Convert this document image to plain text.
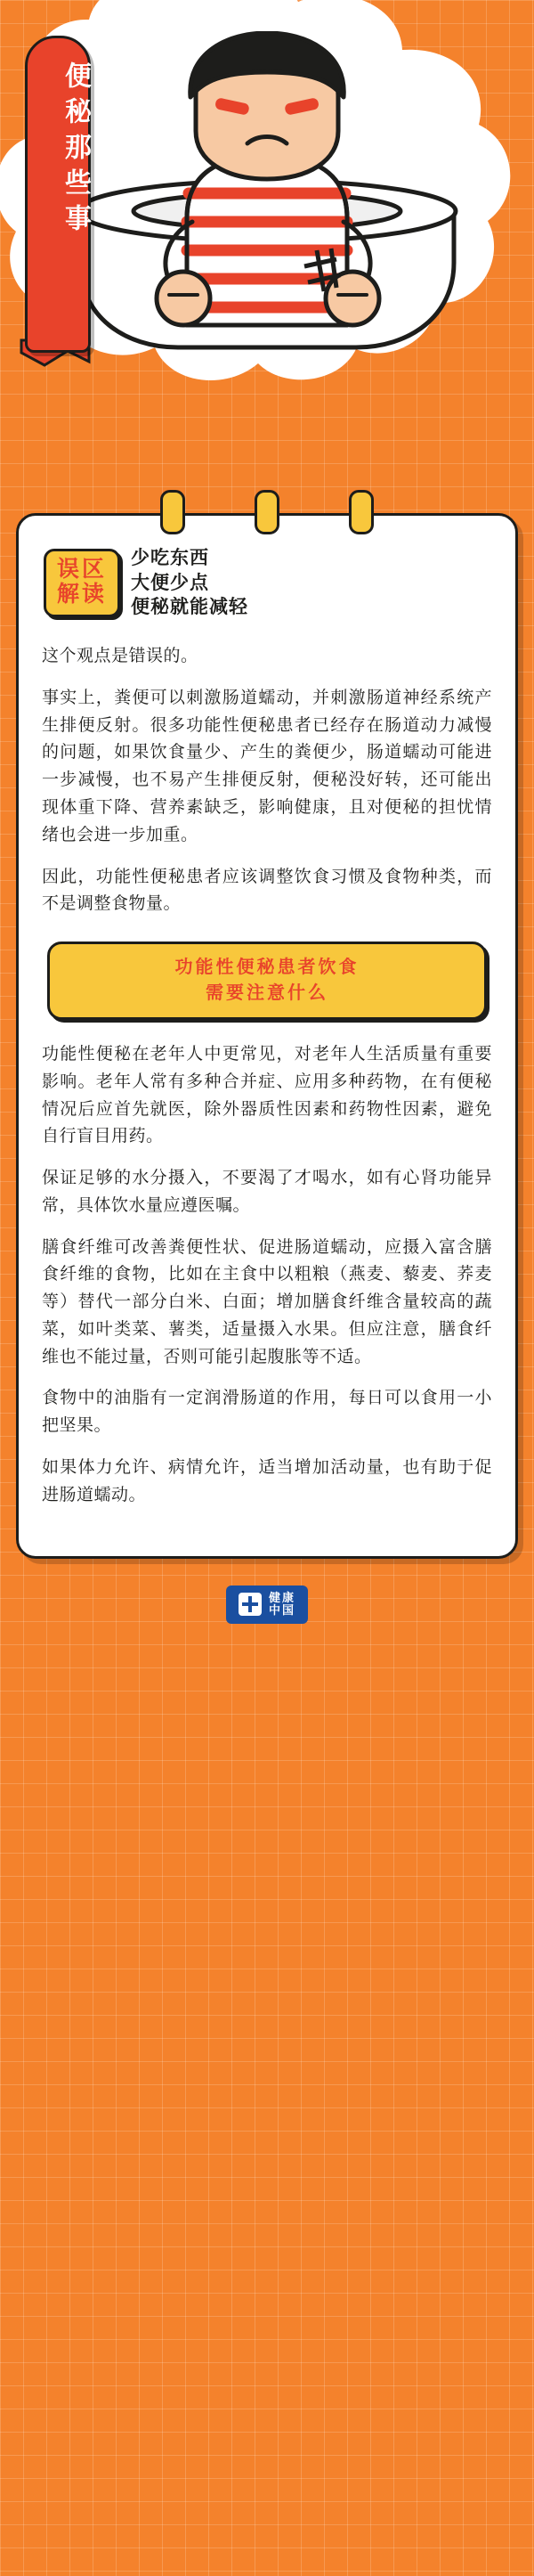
便秘那些事
误区
解读
少吃东西
大便少点
便秘就能减轻

这个观点是错误的。

事实上，粪便可以刺激肠道蠕动，并刺激肠道神经系统产生排便反射。很多功能性便秘患者已经存在肠道动力减慢的问题，如果饮食量少、产生的粪便少，肠道蠕动可能进一步减慢，也不易产生排便反射，便秘没好转，还可能出现体重下降、营养素缺乏，影响健康，且对便秘的担忧情绪也会进一步加重。

因此，功能性便秘患者应该调整饮食习惯及食物种类，而不是调整食物量。

功能性便秘患者饮食
需要注意什么

功能性便秘在老年人中更常见，对老年人生活质量有重要影响。老年人常有多种合并症、应用多种药物，在有便秘情况后应首先就医，除外器质性因素和药物性因素，避免自行盲目用药。

保证足够的水分摄入，不要渴了才喝水，如有心肾功能异常，具体饮水量应遵医嘱。

膳食纤维可改善粪便性状、促进肠道蠕动，应摄入富含膳食纤维的食物，比如在主食中以粗粮（燕麦、藜麦、荞麦等）替代一部分白米、白面；增加膳食纤维含量较高的蔬菜，如叶类菜、薯类，适量摄入水果。但应注意，膳食纤维也不能过量，否则可能引起腹胀等不适。

食物中的油脂有一定润滑肠道的作用，每日可以食用一小把坚果。

如果体力允许、病情允许，适当增加活动量，也有助于促进肠道蠕动。

健康
中国
